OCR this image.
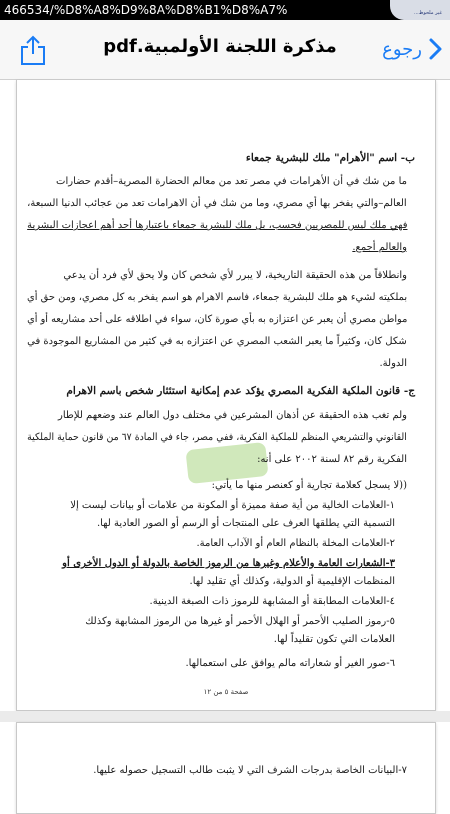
466534/%D8%A8%D9%8A%D8%B1%D8%A7%	...غير ملحوظ
مذكرة اللجنة الأولمبية.pdf	رجوع
ب- اسم "الأهرام" ملك للبشرية جمعاء
ما من شك في أن الأهرامات في مصر تعد من معالم الحضارة المصرية–أقدم حضارات
العالم–والتي يفخر بها أي مصري، وما من شك في أن الاهرامات تعد من عجائب الدنيا السبعة،
فهي ملك ليس للمصريين فحسب، بل ملك للبشرية جمعاء باعتبارها أحد أهم اعجازات البشرية
والعالم أجمع.
وانطلاقاً من هذه الحقيقة التاريخية، لا يبرر لأي شخص كان ولا يحق لأي فرد أن يدعي
بملكيته لشيء هو ملك للبشرية جمعاء، فاسم الاهرام هو اسم يفخر به كل مصري، ومن حق أي
مواطن مصري أن يعبر عن اعتزازه به بأي صورة كان، سواء في اطلاقه على أحد مشاريعه أو أي
شكل كان، وكثيراً ما يعبر الشعب المصري عن اعتزازه به في كثير من المشاريع الموجودة في
الدولة.
ج- قانون الملكية الفكرية المصري يؤكد عدم إمكانية استئثار شخص باسم الاهرام
ولم تغب هذه الحقيقة عن أذهان المشرعين في مختلف دول العالم عند وضعهم للإطار
القانوني والتشريعي المنظم للملكية الفكرية، ففي مصر، جاء في المادة ٦٧ من قانون حماية الملكية
الفكرية رقم ٨٢ لسنة ٢٠٠٢ على أنه:
((لا يسجل كعلامة تجارية أو كعنصر منها ما يأتي:
١-العلامات الخالية من أية صفة مميزة أو المكونة من علامات أو بيانات ليست إلا
التسمية التي يطلقها العرف على المنتجات أو الرسم أو الصور العادية لها.
٢-العلامات المخلة بالنظام العام أو الآداب العامة.
٣-الشعارات العامة والأعلام وغيرها من الرموز الخاصة بالدولة أو الدول الأخرى أو
المنظمات الإقليمية أو الدولية، وكذلك أي تقليد لها.
٤-العلامات المطابقة أو المشابهة للرموز ذات الصبغة الدينية.
٥-رموز الصليب الأحمر أو الهلال الأحمر أو غيرها من الرموز المشابهة وكذلك
صفحة ٥ من ١٢
العلامات التي تكون تقليداً لها.
٦-صور الغير أو شعاراته مالم يوافق على استعمالها.
٧-البيانات الخاصة بدرجات الشرف التي لا يثبت طالب التسجيل حصوله عليها.
